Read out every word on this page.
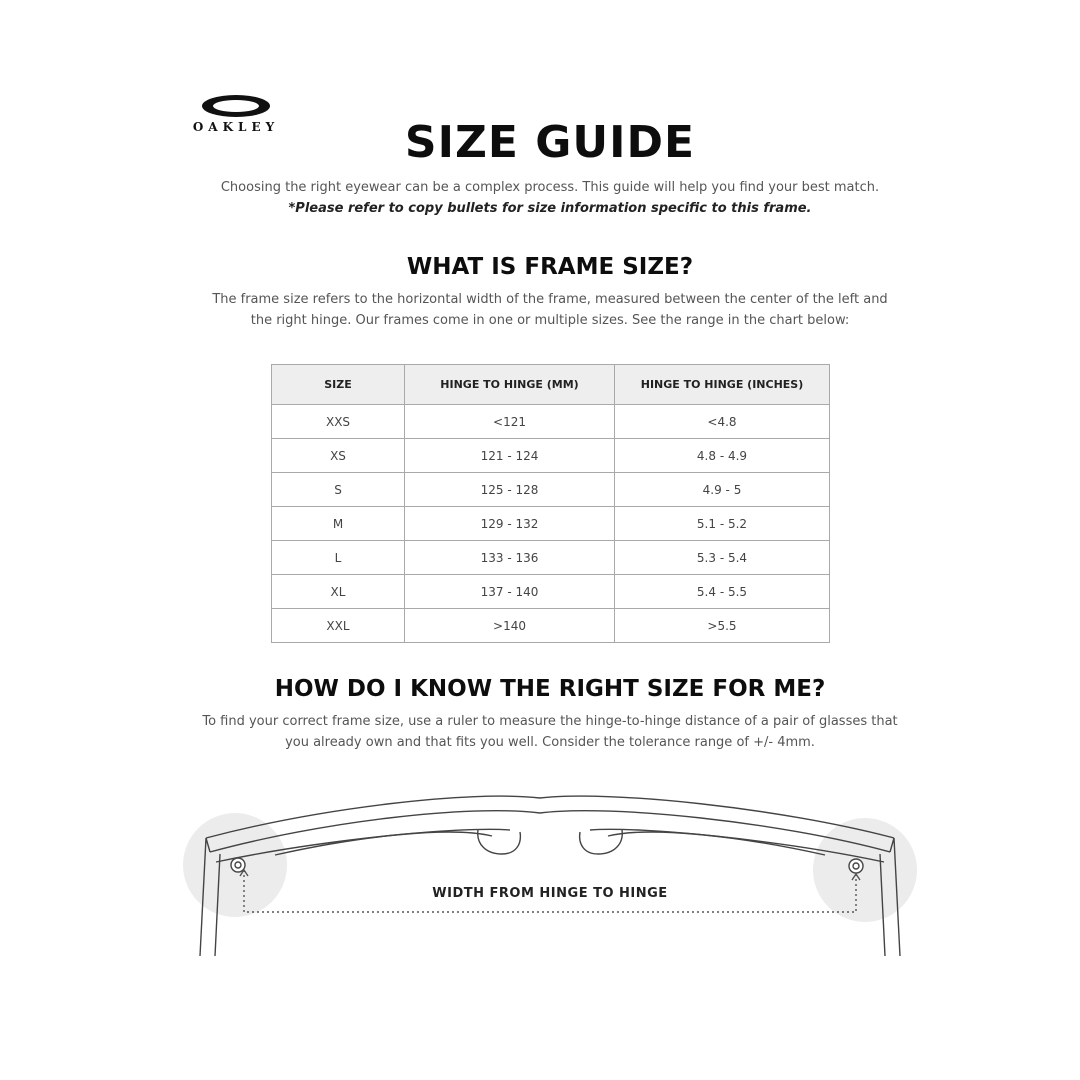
OAKLEY	SIZE GUIDE
Choosing the right eyewear can be a complex process. This guide will help you find your best match.
*Please refer to copy bullets for size information specific to this frame.
WHAT IS FRAME SIZE?
The frame size refers to the horizontal width of the frame, measured between the center of the left and the right hinge. Our frames come in one or multiple sizes. See the range in the chart below:
SIZE	HINGE TO HINGE (MM)	HINGE TO HINGE (INCHES)
XXS	<121	<4.8
XS	121 - 124	4.8 - 4.9
S	125 - 128	4.9 - 5
M	129 - 132	5.1 - 5.2
L	133 - 136	5.3 - 5.4
XL	137 - 140	5.4 - 5.5
XXL	>140	>5.5
HOW DO I KNOW THE RIGHT SIZE FOR ME?
To find your correct frame size, use a ruler to measure the hinge-to-hinge distance of a pair of glasses that you already own and that fits you well. Consider the tolerance range of +/- 4mm.
WIDTH FROM HINGE TO HINGE
